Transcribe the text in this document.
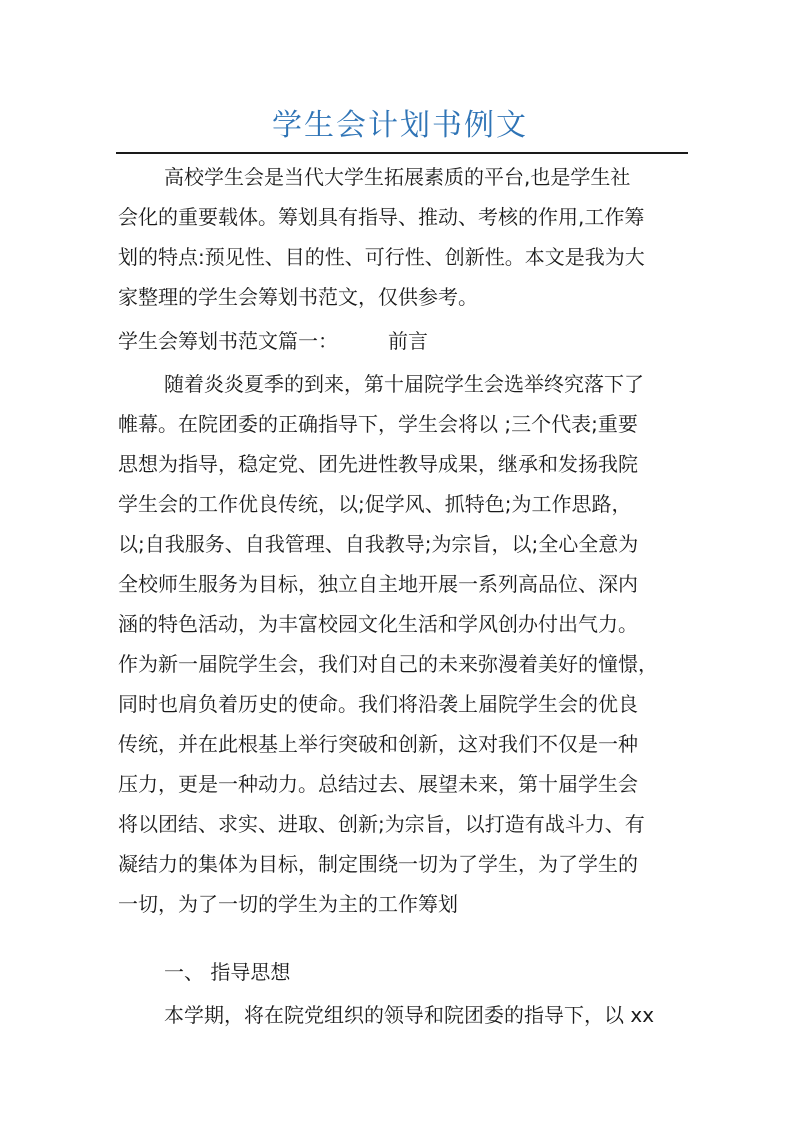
学生会计划书例文
高校学生会是当代大学生拓展素质的平台,也是学生社
会化的重要载体。筹划具有指导、推动、考核的作用,工作筹
划的特点:预见性、目的性、可行性、创新性。本文是我为大
家整理的学生会筹划书范文，仅供参考。
学生会筹划书范文篇一：	前言
随着炎炎夏季的到来，第十届院学生会选举终究落下了
帷幕。在院团委的正确指导下，学生会将以 ;三个代表;重要
思想为指导，稳定党、团先进性教导成果，继承和发扬我院
学生会的工作优良传统，以;促学风、抓特色;为工作思路，
以;自我服务、自我管理、自我教导;为宗旨，以;全心全意为
全校师生服务为目标，独立自主地开展一系列高品位、深内
涵的特色活动，为丰富校园文化生活和学风创办付出气力。
作为新一届院学生会，我们对自己的未来弥漫着美好的憧憬，
同时也肩负着历史的使命。我们将沿袭上届院学生会的优良
传统，并在此根基上举行突破和创新，这对我们不仅是一种
压力，更是一种动力。总结过去、展望未来，第十届学生会
将以团结、求实、进取、创新;为宗旨，以打造有战斗力、有
凝结力的集体为目标，制定围绕一切为了学生，为了学生的
一切，为了一切的学生为主的工作筹划
一、 指导思想
本学期，将在院党组织的领导和院团委的指导下，以 xx
